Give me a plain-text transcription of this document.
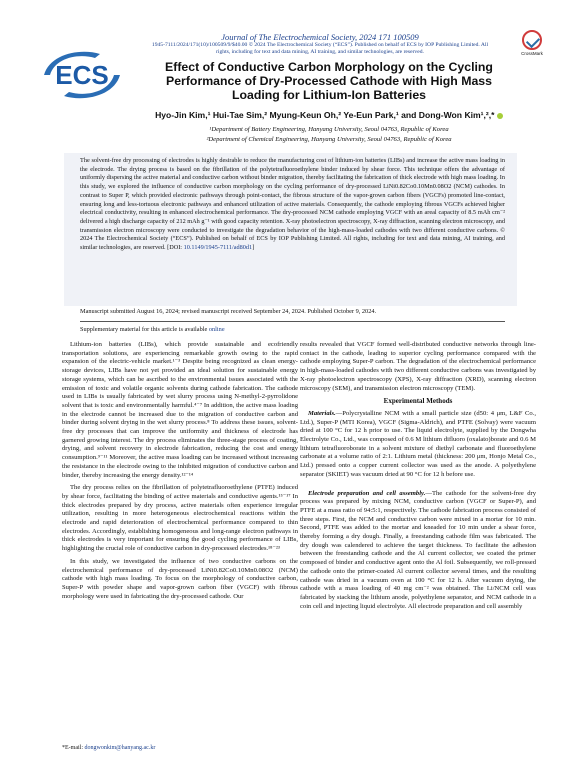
ECS
Journal of The Electrochemical Society, 2024 171 100509
1945-7111/2024/171(10)/100509/9/$40.00 © 2024 The Electrochemical Society (“ECS”). Published on behalf of ECS by IOP Publishing Limited. All
rights, including for text and data mining, AI training, and similar technologies, are reserved.	CrossMark
Effect of Conductive Carbon Morphology on the Cycling Performance of Dry-Processed Cathode with High Mass Loading for Lithium-Ion Batteries
Hyo-Jin Kim,¹ Hui-Tae Sim,² Myung-Keun Oh,² Ye-Eun Park,¹ and Dong-Won Kim¹,²,*
¹Department of Battery Engineering, Hanyang University, Seoul 04763, Republic of Korea
²Department of Chemical Engineering, Hanyang University, Seoul 04763, Republic of Korea
The solvent-free dry processing of electrodes is highly desirable to reduce the manufacturing cost of lithium-ion batteries (LIBs) and increase the active mass loading in the electrode. The drying process is based on the fibrillation of the polytetrafluoroethylene binder induced by shear force. This technique offers the advantage of uniformly dispersing the active material and conductive carbon without binder migration, thereby facilitating the fabrication of thick electrode with high mass loading. In this study, we explored the influence of conductive carbon morphology on the cycling performance of dry-processed LiNi0.82Co0.10Mn0.08O2 (NCM) cathodes. In contrast to Super P, which provided electronic pathways through point-contact, the fibrous structure of the vapor-grown carbon fibers (VGCFs) promoted line-contact, ensuring long and less-tortuous electronic pathways and enhanced utilization of active materials. Consequently, the cathode employing fibrous VGCFs achieved higher electrical conductivity, resulting in enhanced electrochemical performance. The dry-processed NCM cathode employing VGCF with an areal capacity of 8.5 mAh cm⁻² delivered a high discharge capacity of 212 mAh g⁻¹ with good capacity retention. X-ray photoelectron spectroscopy, X-ray diffraction, scanning electron microscopy, and transmission electron microscopy were conducted to investigate the degradation behavior of the high-mass-loaded cathodes with two different conductive carbons. © 2024 The Electrochemical Society (“ECS”). Published on behalf of ECS by IOP Publishing Limited. All rights, including for text and data mining, AI training, and similar technologies, are reserved. [DOI: 10.1149/1945-7111/ad80d1]
Manuscript submitted August 16, 2024; revised manuscript received September 24, 2024. Published October 9, 2024.
Supplementary material for this article is available online

Lithium-ion batteries (LIBs), which provide sustainable and ecofriendly transportation solutions, are experiencing remarkable growth owing to the rapid expansion of the electric-vehicle market.¹⁻³ Despite being recognized as clean energy-storage devices, LIBs have not yet provided an ideal solution for sustainable energy storage systems, which can be ascribed to the environmental issues associated with the emission of toxic and volatile organic solvents during cathode fabrication. The cathode used in LIBs is usually fabricated by wet slurry process using N-methyl-2-pyrrolidone solvent that is toxic and environmentally harmful.⁴⁻⁷ In addition, the active mass loading in the electrode cannot be increased due to the migration of conductive carbon and binder during solvent drying in the wet slurry process.⁸ To address these issues, solvent-free dry processes that can improve the uniformity and thickness of electrode has garnered growing interest. The dry process eliminates the three-stage process of coating, drying, and solvent recovery in electrode fabrication, reducing the cost and energy consumption.⁹⁻¹¹ Moreover, the active mass loading can be increased without increasing the resistance in the electrode owing to the inhibited migration of conductive carbon and binder, thereby increasing the energy density.¹²⁻¹⁴

The dry process relies on the fibrillation of polytetrafluoroethylene (PTFE) induced by shear force, facilitating the binding of active materials and conductive agents.¹⁵⁻¹⁷ In thick electrodes prepared by dry process, active materials often experience irregular utilization, resulting in more heterogeneous electrochemical reactions within the electrode and rapid deterioration of electrochemical performance compared to thin electrodes. Accordingly, establishing homogeneous and long-range electron pathways in thick electrodes is very important for ensuring the good cycling performance of LIBs, highlighting the crucial role of conductive carbon in dry-processed electrodes.¹⁸⁻²³

In this study, we investigated the influence of two conductive carbons on the electrochemical performance of dry-processed LiNi0.82Co0.10Mn0.08O2 (NCM) cathode with high mass loading. To focus on the morphology of conductive carbon, Super-P with powder shape and vapor-grown carbon fiber (VGCF) with fibrous morphology were used in fabricating the dry-processed cathode. Our

results revealed that VGCF formed well-distributed conductive networks through line-contact in the cathode, leading to superior cycling performance compared with the cathode employing Super-P carbon. The degradation of the electrochemical performance in high-mass-loaded cathodes with two different conductive carbons was investigated by X-ray photoelectron spectroscopy (XPS), X-ray diffraction (XRD), scanning electron microscopy (SEM), and transmission electron microscopy (TEM).

Experimental Methods

Materials.—Polycrystalline NCM with a small particle size (d50: 4 μm, L&F Co., Ltd.), Super-P (MTI Korea), VGCF (Sigma-Aldrich), and PTFE (Solvay) were vacuum dried at 100 °C for 12 h prior to use. The liquid electrolyte, supplied by the Dongwha Electrolyte Co., Ltd., was composed of 0.6 M lithium difluoro (oxalato)borate and 0.6 M lithium tetrafluoroborate in a solvent mixture of diethyl carbonate and fluoroethylene carbonate at a volume ratio of 2:1. Lithium metal (thickness: 200 μm, Honjo Metal Co., Ltd.) pressed onto a copper current collector was used as the anode. A polyethylene separator (SKIET) was vacuum dried at 90 °C for 12 h before use.

Electrode preparation and cell assembly.—The cathode for the solvent-free dry process was prepared by mixing NCM, conductive carbon (VGCF or Super-P), and PTFE at a mass ratio of 94:5:1, respectively. The cathode fabrication process consisted of three steps. First, the NCM and conductive carbon were mixed in a mortar for 10 min. Second, PTFE was added to the mortar and kneaded for 10 min under a shear force, thereby forming a dry dough. Finally, a freestanding cathode film was fabricated. The dry dough was calendered to achieve the target thickness. To facilitate the adhesion between the freestanding cathode and the Al current collector, we coated the primer composed of binder and conductive agent onto the Al foil. Subsequently, we roll-pressed the cathode onto the primer-coated Al current collector several times, and the resulting cathode was dried in a vacuum oven at 100 °C for 12 h. After vacuum drying, the cathode with a mass loading of 40 mg cm⁻² was obtained. The Li/NCM cell was fabricated by stacking the lithium anode, polyethylene separator, and NCM cathode in a coin cell and injecting liquid electrolyte. All electrode preparation and cell assembly

*E-mail: dongwonkim@hanyang.ac.kr
